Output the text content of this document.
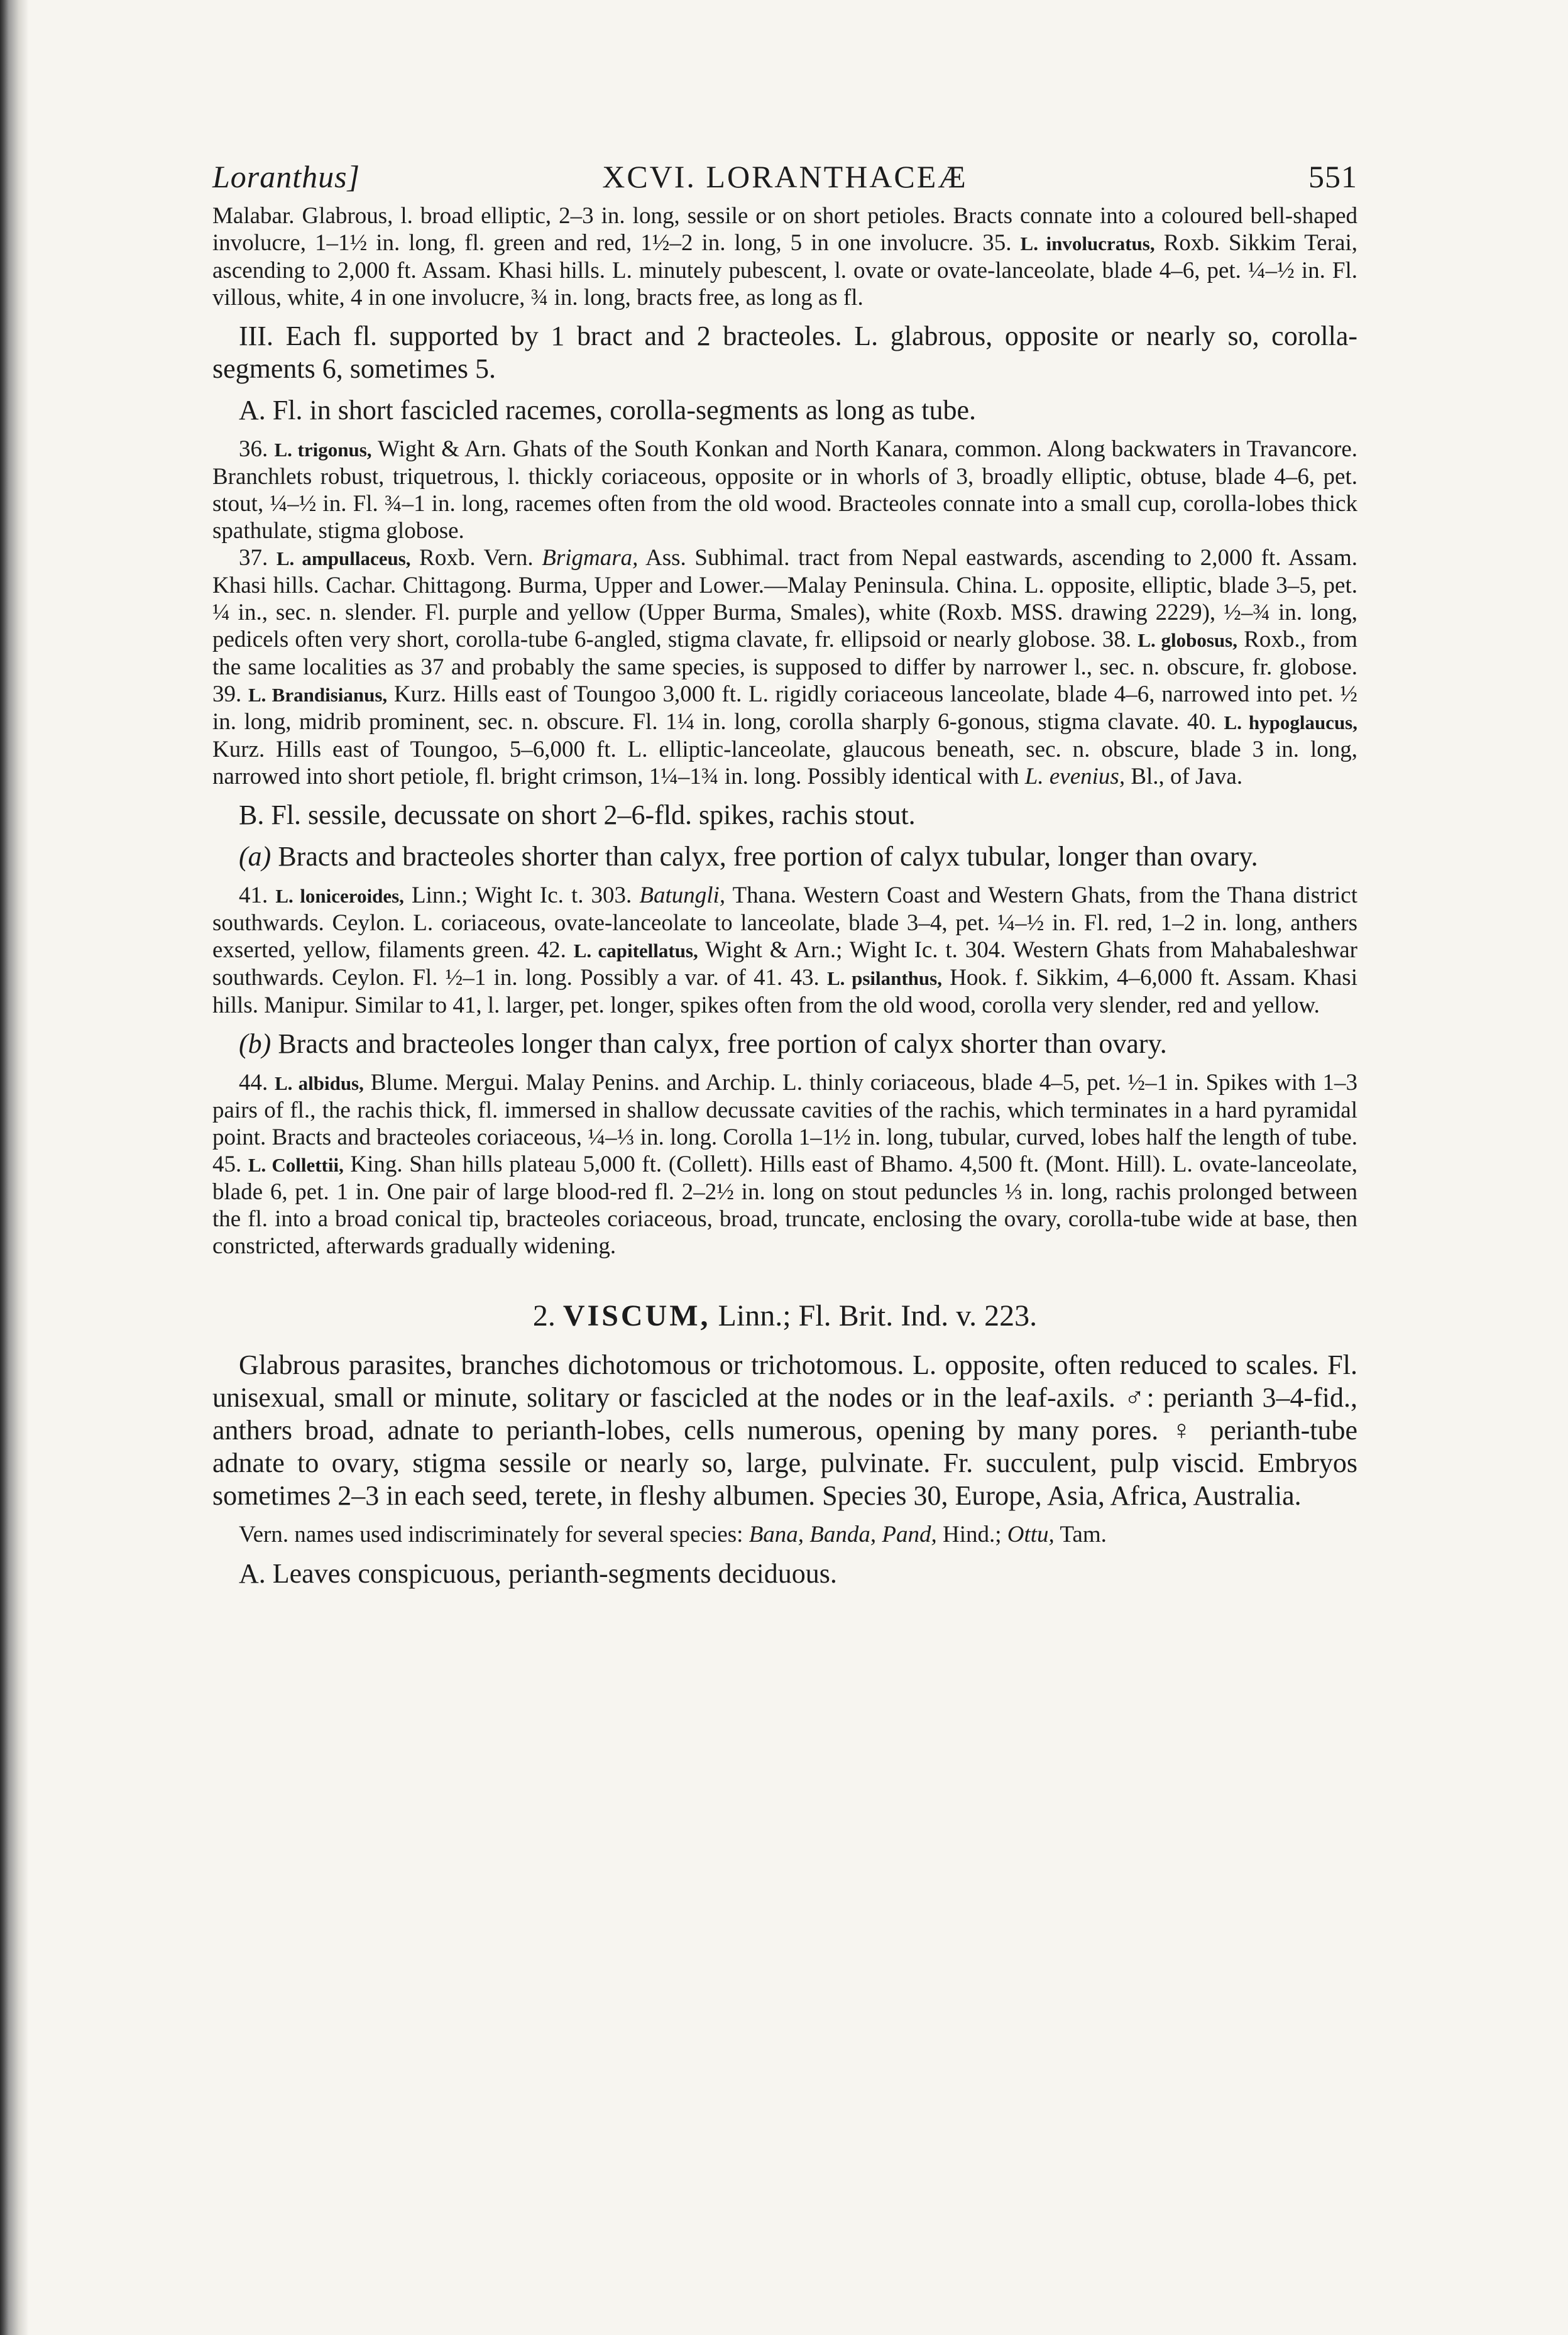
Loranthus]	XCVI. LORANTHACEÆ	551

Malabar. Glabrous, l. broad elliptic, 2–3 in. long, sessile or on short petioles. Bracts connate into a coloured bell-shaped involucre, 1–1½ in. long, fl. green and red, 1½–2 in. long, 5 in one involucre. 35. L. involucratus, Roxb. Sikkim Terai, ascending to 2,000 ft. Assam. Khasi hills. L. minutely pubescent, l. ovate or ovate-lanceolate, blade 4–6, pet. ¼–½ in. Fl. villous, white, 4 in one involucre, ¾ in. long, bracts free, as long as fl.

III. Each fl. supported by 1 bract and 2 bracteoles. L. glabrous, opposite or nearly so, corolla-segments 6, sometimes 5.

A. Fl. in short fascicled racemes, corolla-segments as long as tube.

36. L. trigonus, Wight & Arn. Ghats of the South Konkan and North Kanara, common. Along backwaters in Travancore. Branchlets robust, triquetrous, l. thickly coriaceous, opposite or in whorls of 3, broadly elliptic, obtuse, blade 4–6, pet. stout, ¼–½ in. Fl. ¾–1 in. long, racemes often from the old wood. Bracteoles connate into a small cup, corolla-lobes thick spathulate, stigma globose.

37. L. ampullaceus, Roxb. Vern. Brigmara, Ass. Subhimal. tract from Nepal eastwards, ascending to 2,000 ft. Assam. Khasi hills. Cachar. Chittagong. Burma, Upper and Lower.—Malay Peninsula. China. L. opposite, elliptic, blade 3–5, pet. ¼ in., sec. n. slender. Fl. purple and yellow (Upper Burma, Smales), white (Roxb. MSS. drawing 2229), ½–¾ in. long, pedicels often very short, corolla-tube 6-angled, stigma clavate, fr. ellipsoid or nearly globose. 38. L. globosus, Roxb., from the same localities as 37 and probably the same species, is supposed to differ by narrower l., sec. n. obscure, fr. globose. 39. L. Brandisianus, Kurz. Hills east of Toungoo 3,000 ft. L. rigidly coriaceous lanceolate, blade 4–6, narrowed into pet. ½ in. long, midrib prominent, sec. n. obscure. Fl. 1¼ in. long, corolla sharply 6-gonous, stigma clavate. 40. L. hypoglaucus, Kurz. Hills east of Toungoo, 5–6,000 ft. L. elliptic-lanceolate, glaucous beneath, sec. n. obscure, blade 3 in. long, narrowed into short petiole, fl. bright crimson, 1¼–1¾ in. long. Possibly identical with L. evenius, Bl., of Java.

B. Fl. sessile, decussate on short 2–6-fld. spikes, rachis stout.

(a) Bracts and bracteoles shorter than calyx, free portion of calyx tubular, longer than ovary.

41. L. loniceroides, Linn.; Wight Ic. t. 303. Batungli, Thana. Western Coast and Western Ghats, from the Thana district southwards. Ceylon. L. coriaceous, ovate-lanceolate to lanceolate, blade 3–4, pet. ¼–½ in. Fl. red, 1–2 in. long, anthers exserted, yellow, filaments green. 42. L. capitellatus, Wight & Arn.; Wight Ic. t. 304. Western Ghats from Mahabaleshwar southwards. Ceylon. Fl. ½–1 in. long. Possibly a var. of 41. 43. L. psilanthus, Hook. f. Sikkim, 4–6,000 ft. Assam. Khasi hills. Manipur. Similar to 41, l. larger, pet. longer, spikes often from the old wood, corolla very slender, red and yellow.

(b) Bracts and bracteoles longer than calyx, free portion of calyx shorter than ovary.

44. L. albidus, Blume. Mergui. Malay Penins. and Archip. L. thinly coriaceous, blade 4–5, pet. ½–1 in. Spikes with 1–3 pairs of fl., the rachis thick, fl. immersed in shallow decussate cavities of the rachis, which terminates in a hard pyramidal point. Bracts and bracteoles coriaceous, ¼–⅓ in. long. Corolla 1–1½ in. long, tubular, curved, lobes half the length of tube. 45. L. Collettii, King. Shan hills plateau 5,000 ft. (Collett). Hills east of Bhamo. 4,500 ft. (Mont. Hill). L. ovate-lanceolate, blade 6, pet. 1 in. One pair of large blood-red fl. 2–2½ in. long on stout peduncles ⅓ in. long, rachis prolonged between the fl. into a broad conical tip, bracteoles coriaceous, broad, truncate, enclosing the ovary, corolla-tube wide at base, then constricted, afterwards gradually widening.

2. VISCUM, Linn.; Fl. Brit. Ind. v. 223.

Glabrous parasites, branches dichotomous or trichotomous. L. opposite, often reduced to scales. Fl. unisexual, small or minute, solitary or fascicled at the nodes or in the leaf-axils. ♂: perianth 3–4-fid., anthers broad, adnate to perianth-lobes, cells numerous, opening by many pores. ♀ perianth-tube adnate to ovary, stigma sessile or nearly so, large, pulvinate. Fr. succulent, pulp viscid. Embryos sometimes 2–3 in each seed, terete, in fleshy albumen. Species 30, Europe, Asia, Africa, Australia.

Vern. names used indiscriminately for several species: Bana, Banda, Pand, Hind.; Ottu, Tam.

A. Leaves conspicuous, perianth-segments deciduous.
